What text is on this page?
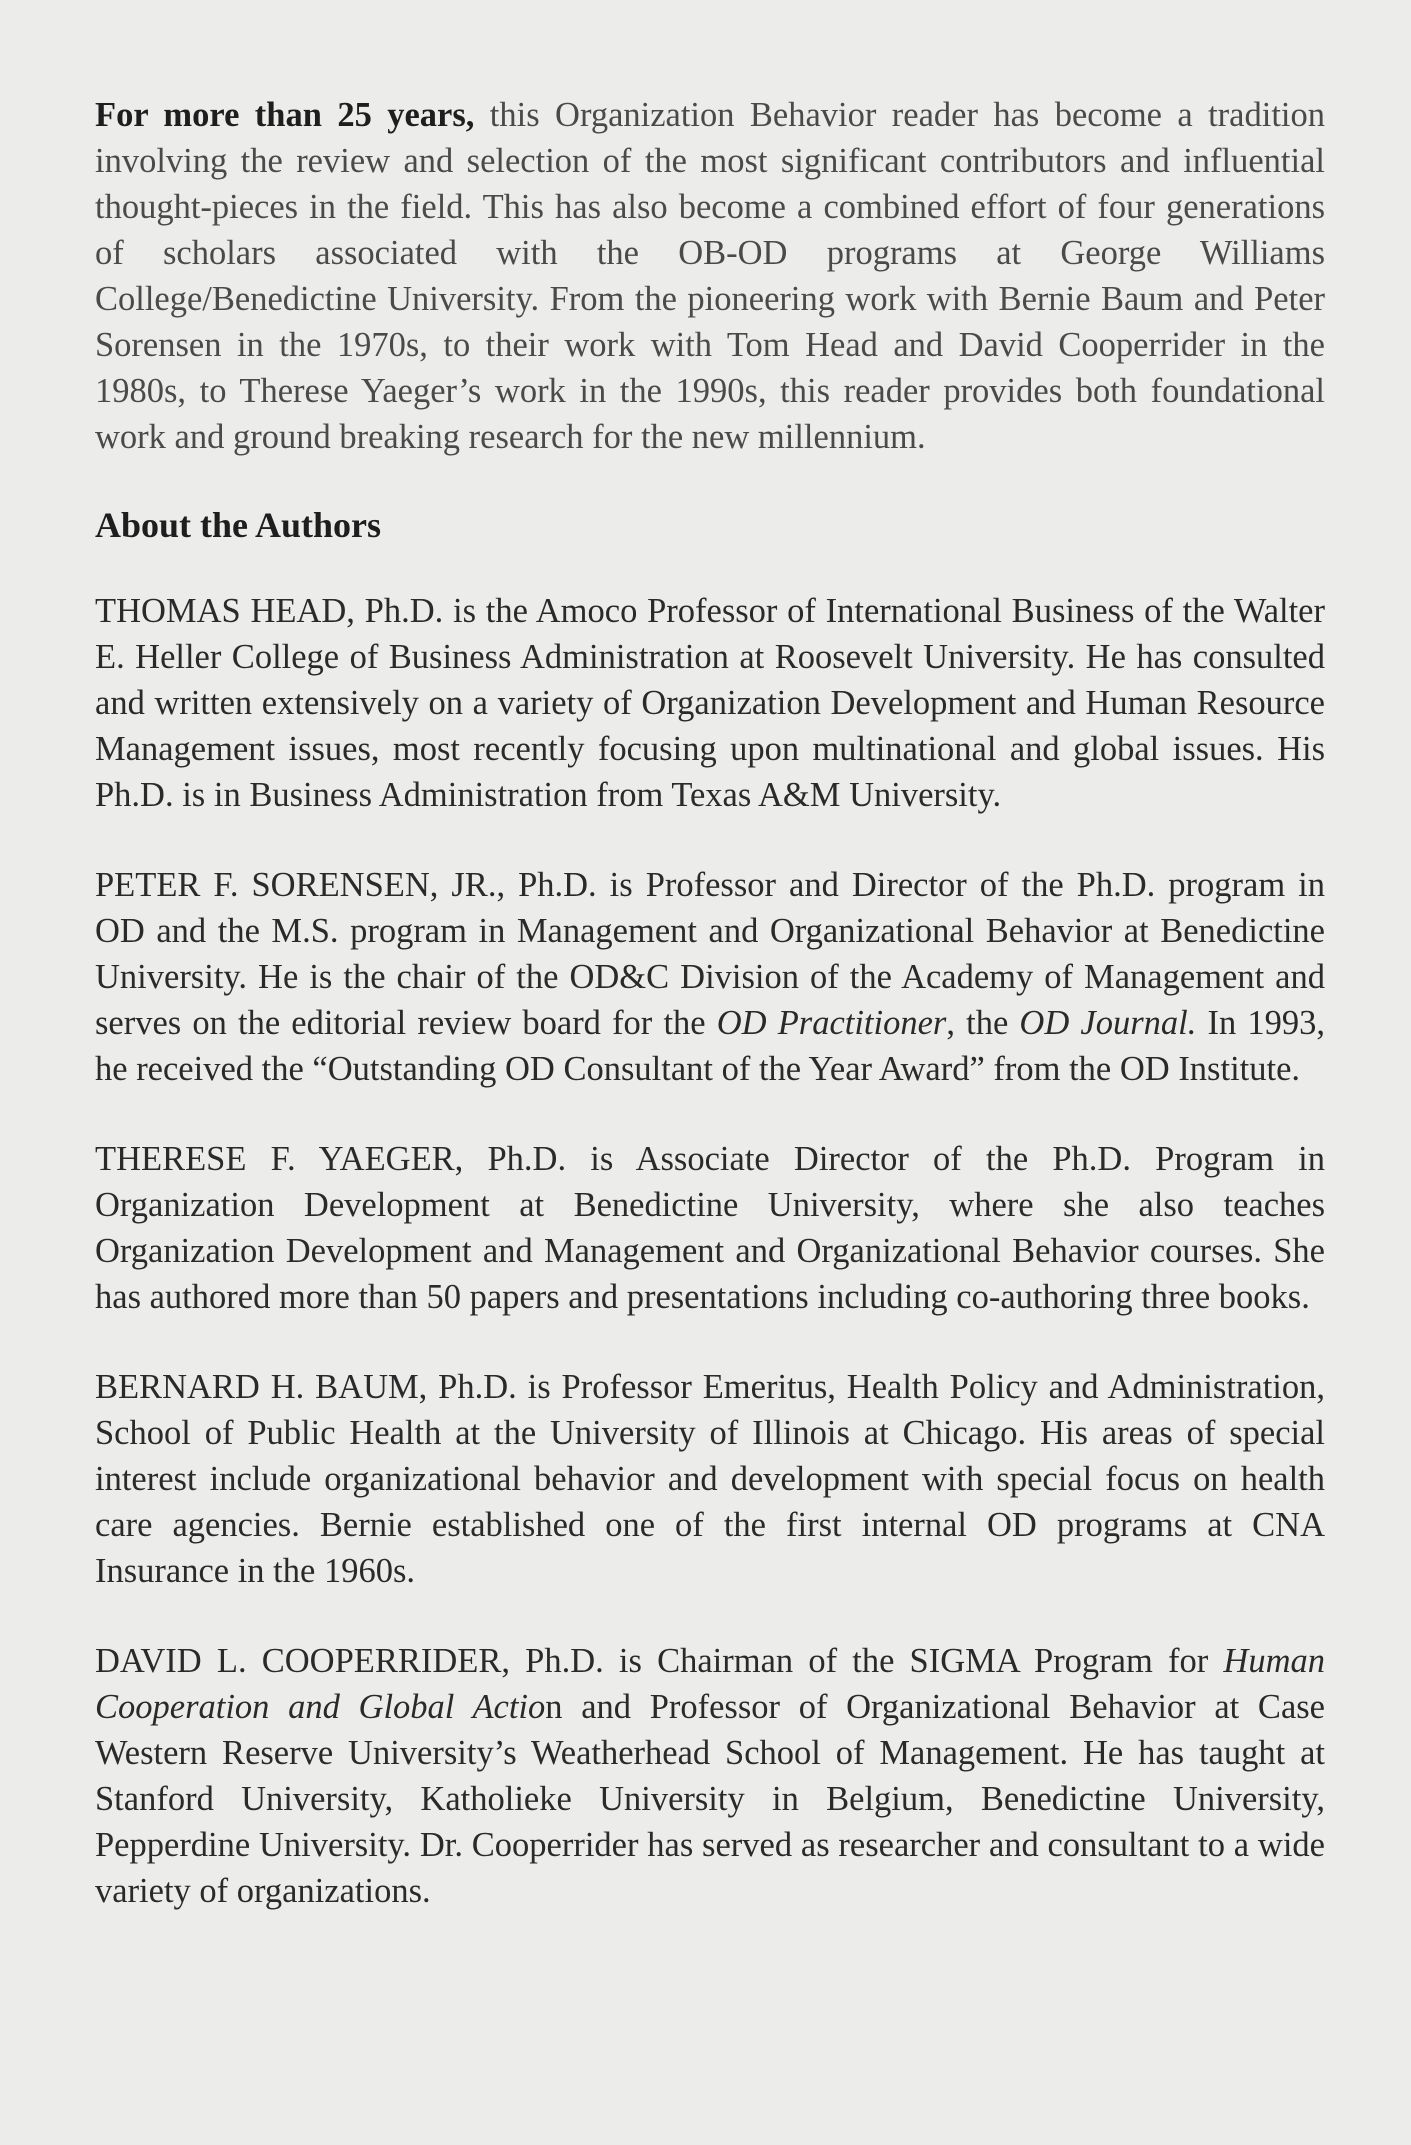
For more than 25 years, this Organization Behavior reader has become a tradition involving the review and selection of the most significant contributors and influential thought-pieces in the field. This has also become a combined effort of four generations of scholars associated with the OB-OD programs at George Williams College/Benedictine University. From the pioneering work with Bernie Baum and Peter Sorensen in the 1970s, to their work with Tom Head and David Cooperrider in the 1980s, to Therese Yaeger’s work in the 1990s, this reader provides both foundational work and ground breaking research for the new millennium.

About the Authors

THOMAS HEAD, Ph.D. is the Amoco Professor of International Business of the Walter E. Heller College of Business Administration at Roosevelt University. He has consulted and written extensively on a variety of Organization Development and Human Resource Management issues, most recently focusing upon multinational and global issues. His Ph.D. is in Business Administration from Texas A&M University.

PETER F. SORENSEN, JR., Ph.D. is Professor and Director of the Ph.D. program in OD and the M.S. program in Management and Organizational Behavior at Benedictine University. He is the chair of the OD&C Division of the Academy of Management and serves on the editorial review board for the OD Practitioner, the OD Journal. In 1993, he received the “Outstanding OD Consultant of the Year Award” from the OD Institute.

THERESE F. YAEGER, Ph.D. is Associate Director of the Ph.D. Program in Organization Development at Benedictine University, where she also teaches Organization Development and Management and Organizational Behavior courses. She has authored more than 50 papers and presentations including co-authoring three books.

BERNARD H. BAUM, Ph.D. is Professor Emeritus, Health Policy and Administration, School of Public Health at the University of Illinois at Chicago. His areas of special interest include organizational behavior and development with special focus on health care agencies. Bernie established one of the first internal OD programs at CNA Insurance in the 1960s.

DAVID L. COOPERRIDER, Ph.D. is Chairman of the SIGMA Program for Human Cooperation and Global Action and Professor of Organizational Behavior at Case Western Reserve University’s Weatherhead School of Management. He has taught at Stanford University, Katholieke University in Belgium, Benedictine University, Pepperdine University. Dr. Cooperrider has served as researcher and consultant to a wide variety of organizations.
